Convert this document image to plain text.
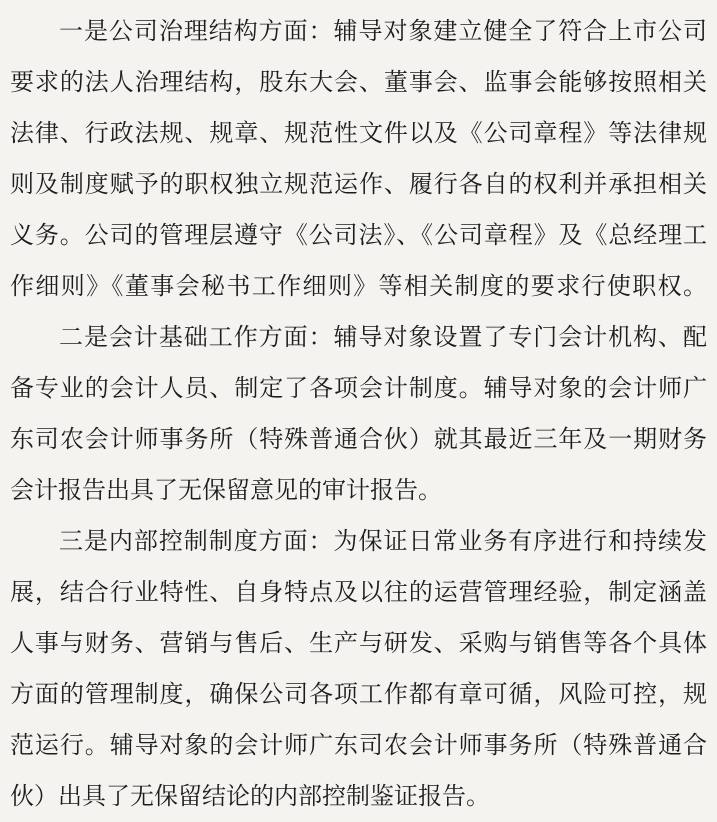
一是公司治理结构方面：辅导对象建立健全了符合上市公司
要求的法人治理结构，股东大会、董事会、监事会能够按照相关
法律、行政法规、规章、规范性文件以及《公司章程》等法律规
则及制度赋予的职权独立规范运作、履行各自的权利并承担相关
义务。公司的管理层遵守《公司法》、《公司章程》及《总经理工
作细则》《董事会秘书工作细则》等相关制度的要求行使职权。
二是会计基础工作方面：辅导对象设置了专门会计机构、配
备专业的会计人员、制定了各项会计制度。辅导对象的会计师广
东司农会计师事务所（特殊普通合伙）就其最近三年及一期财务
会计报告出具了无保留意见的审计报告。
三是内部控制制度方面：为保证日常业务有序进行和持续发
展，结合行业特性、自身特点及以往的运营管理经验，制定涵盖
人事与财务、营销与售后、生产与研发、采购与销售等各个具体
方面的管理制度，确保公司各项工作都有章可循，风险可控，规
范运行。辅导对象的会计师广东司农会计师事务所（特殊普通合
伙）出具了无保留结论的内部控制鉴证报告。
